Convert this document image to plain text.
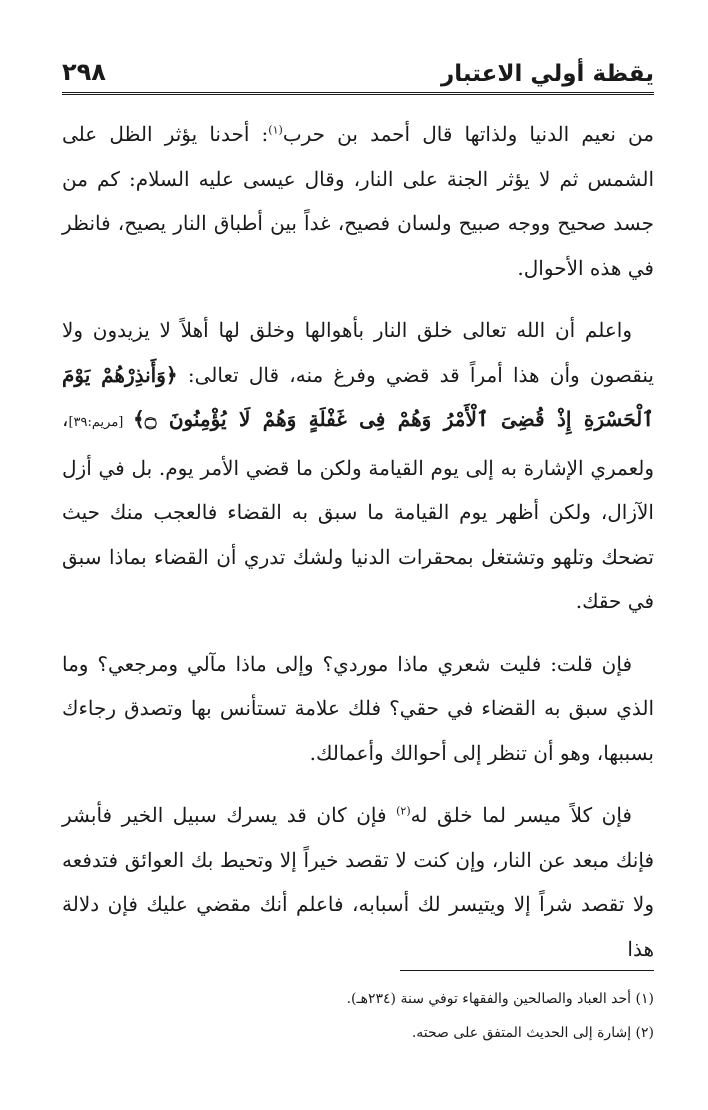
يقظة أولي الاعتبار
٢٩٨

من نعيم الدنيا ولذاتها قال أحمد بن حرب$^{(١)}$: أحدنا يؤثر الظل على الشمس ثم لا يؤثر الجنة على النار، وقال عيسى عليه السلام: كم من جسد صحيح ووجه صبيح ولسان فصيح، غداً بين أطباق النار يصيح، فانظر في هذه الأحوال.

واعلم أن الله تعالى خلق النار بأهوالها وخلق لها أهلاً لا يزيدون ولا ينقصون وأن هذا أمراً قد قضي وفرغ منه، قال تعالى: ﴿وَأَنذِرْهُمْ يَوْمَ ٱلْحَسْرَةِ إِذْ قُضِىَ ٱلْأَمْرُ وَهُمْ فِى غَفْلَةٍ وَهُمْ لَا يُؤْمِنُونَ ۝﴾ [مريم:٣٩]، ولعمري الإشارة به إلى يوم القيامة ولكن ما قضي الأمر يوم. بل في أزل الآزال، ولكن أظهر يوم القيامة ما سبق به القضاء فالعجب منك حيث تضحك وتلهو وتشتغل بمحقرات الدنيا ولشك تدري أن القضاء بماذا سبق في حقك.

فإن قلت: فليت شعري ماذا موردي؟ وإلى ماذا مآلي ومرجعي؟ وما الذي سبق به القضاء في حقي؟ فلك علامة تستأنس بها وتصدق رجاءك بسببها، وهو أن تنظر إلى أحوالك وأعمالك.

فإن كلاً ميسر لما خلق له$^{(٢)}$ فإن كان قد يسرك سبيل الخير فأبشر فإنك مبعد عن النار، وإن كنت لا تقصد خيراً إلا وتحيط بك العوائق فتدفعه ولا تقصد شراً إلا ويتيسر لك أسبابه، فاعلم أنك مقضي عليك فإن دلالة هذا

(١) أحد العباد والصالحين والفقهاء توفي سنة (٢٣٤هـ).

(٢) إشارة إلى الحديث المتفق على صحته.
